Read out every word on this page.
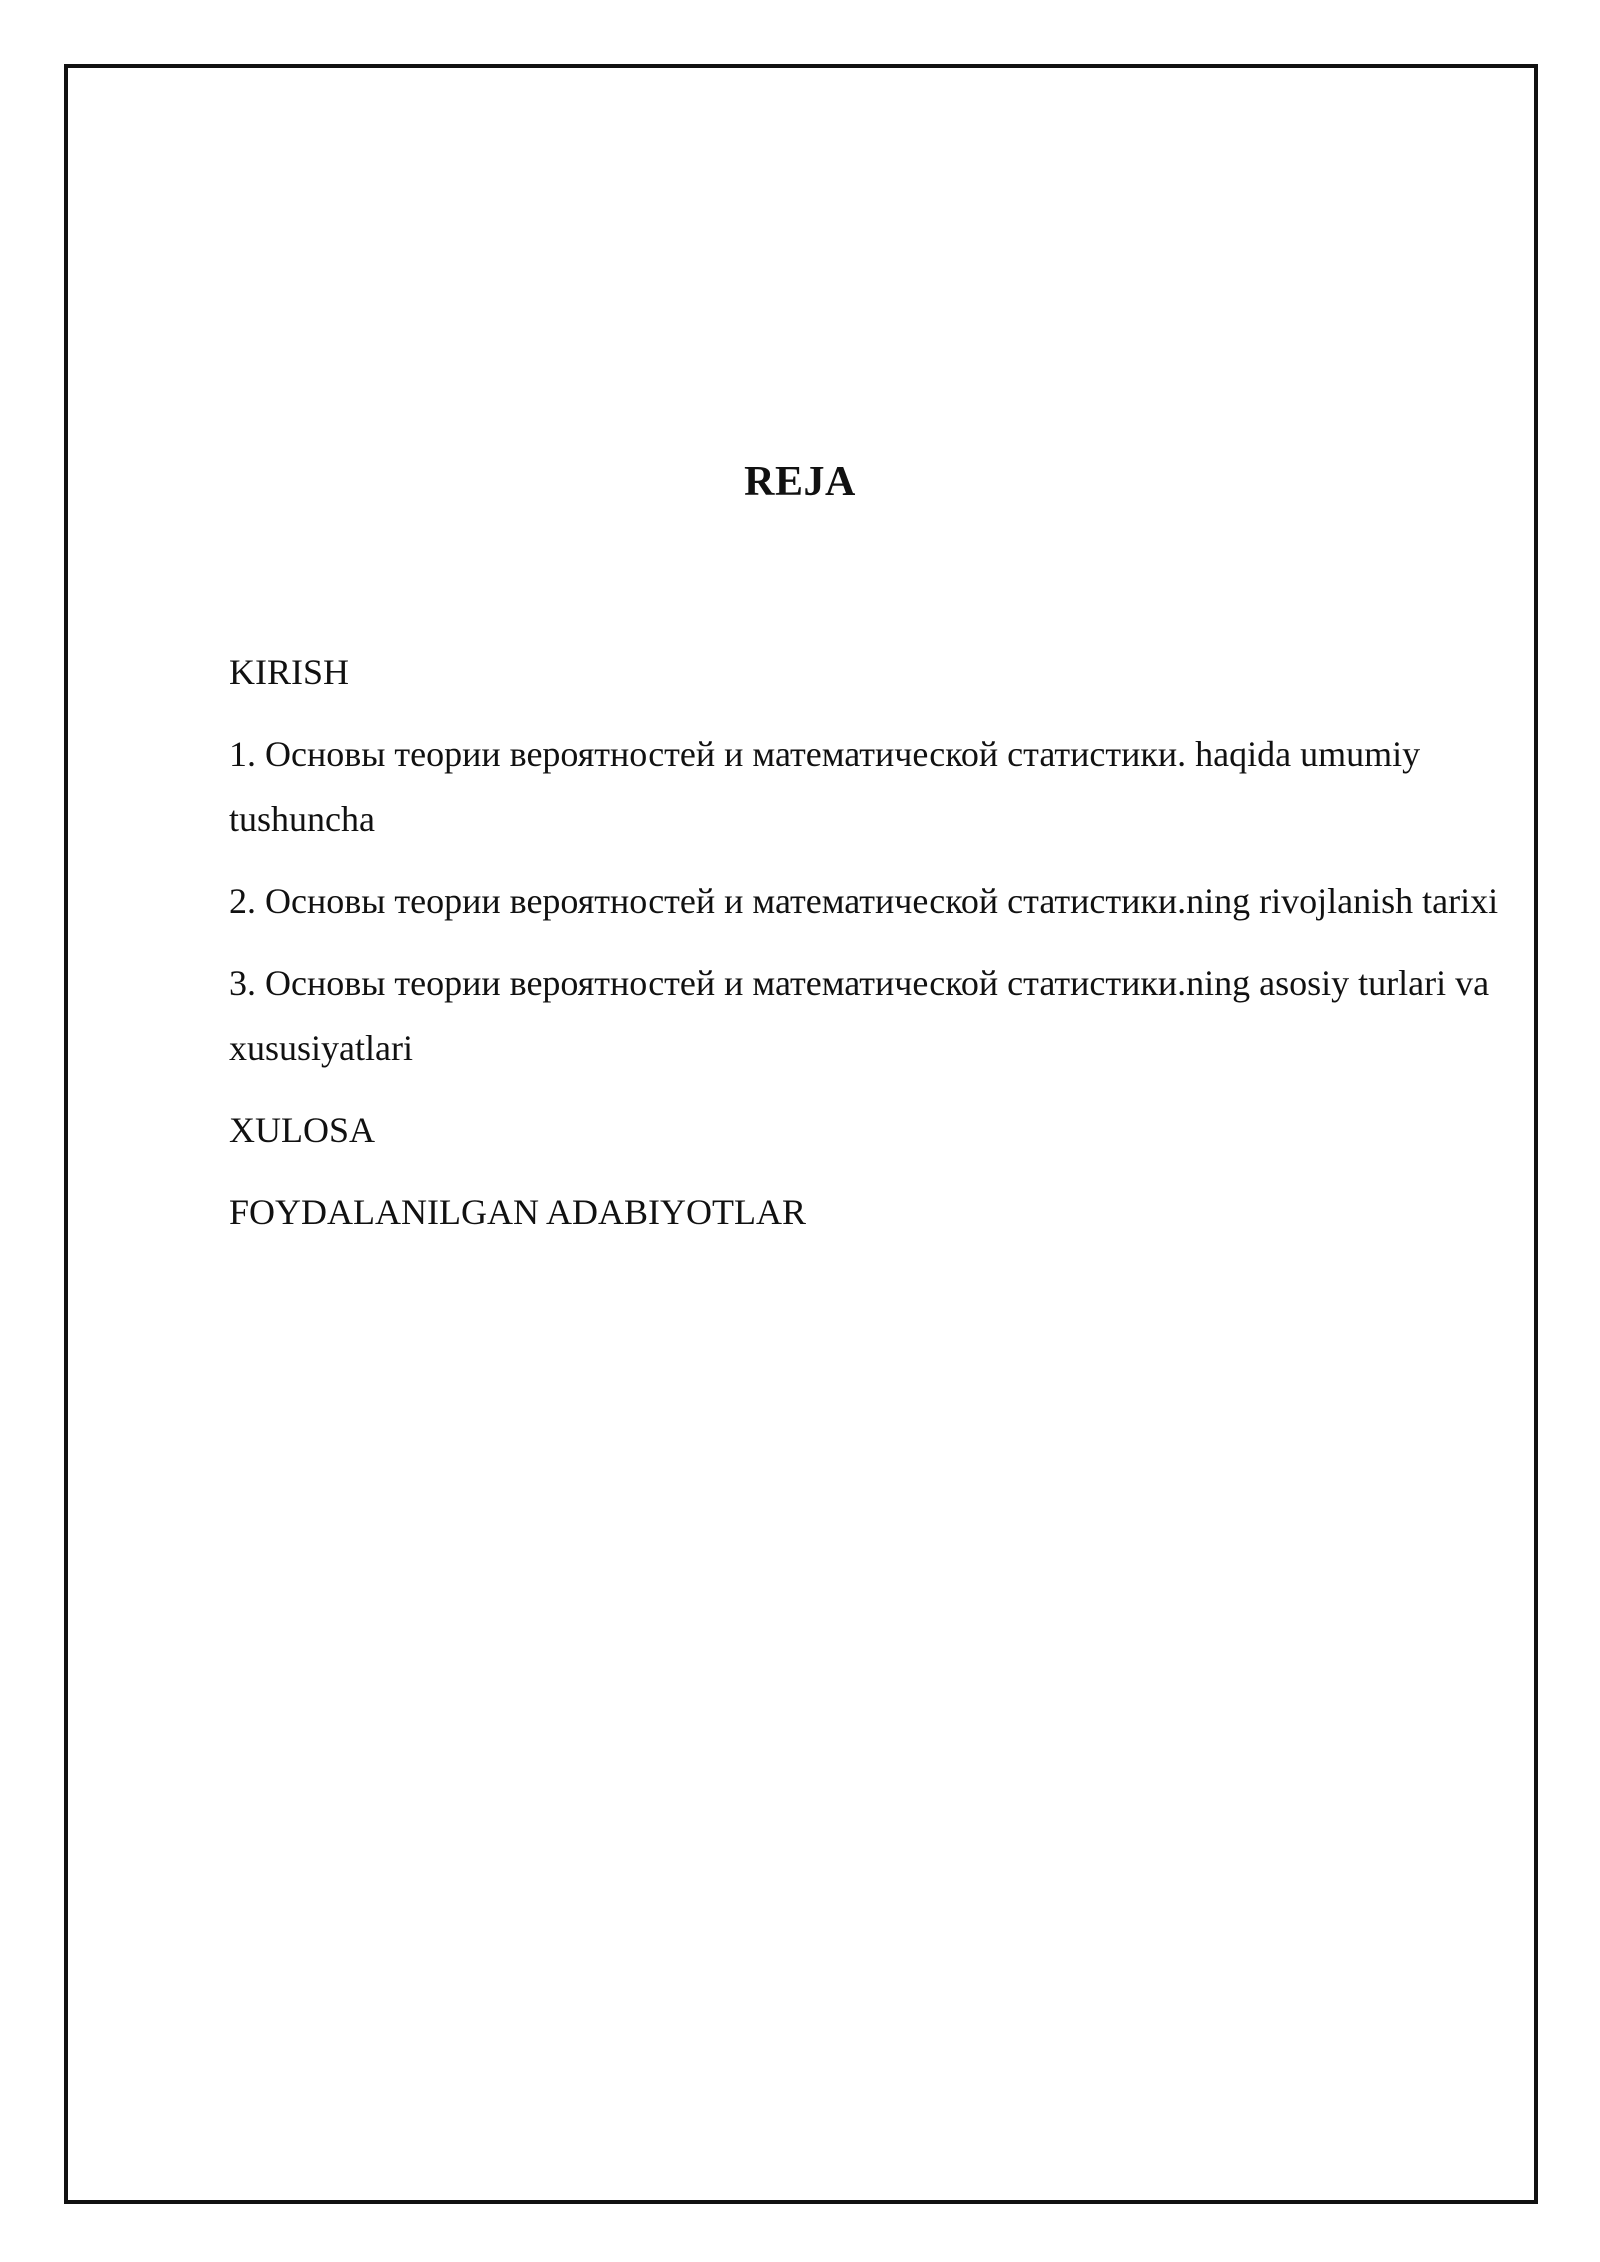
REJA
KIRISH
1. Основы теории вероятностей и математической статистики. haqida umumiy tushuncha
2. Основы теории вероятностей и математической статистики.ning rivojlanish tarixi
3. Основы теории вероятностей и математической статистики.ning asosiy turlari va xususiyatlari
XULOSA
FOYDALANILGAN ADABIYOTLAR
